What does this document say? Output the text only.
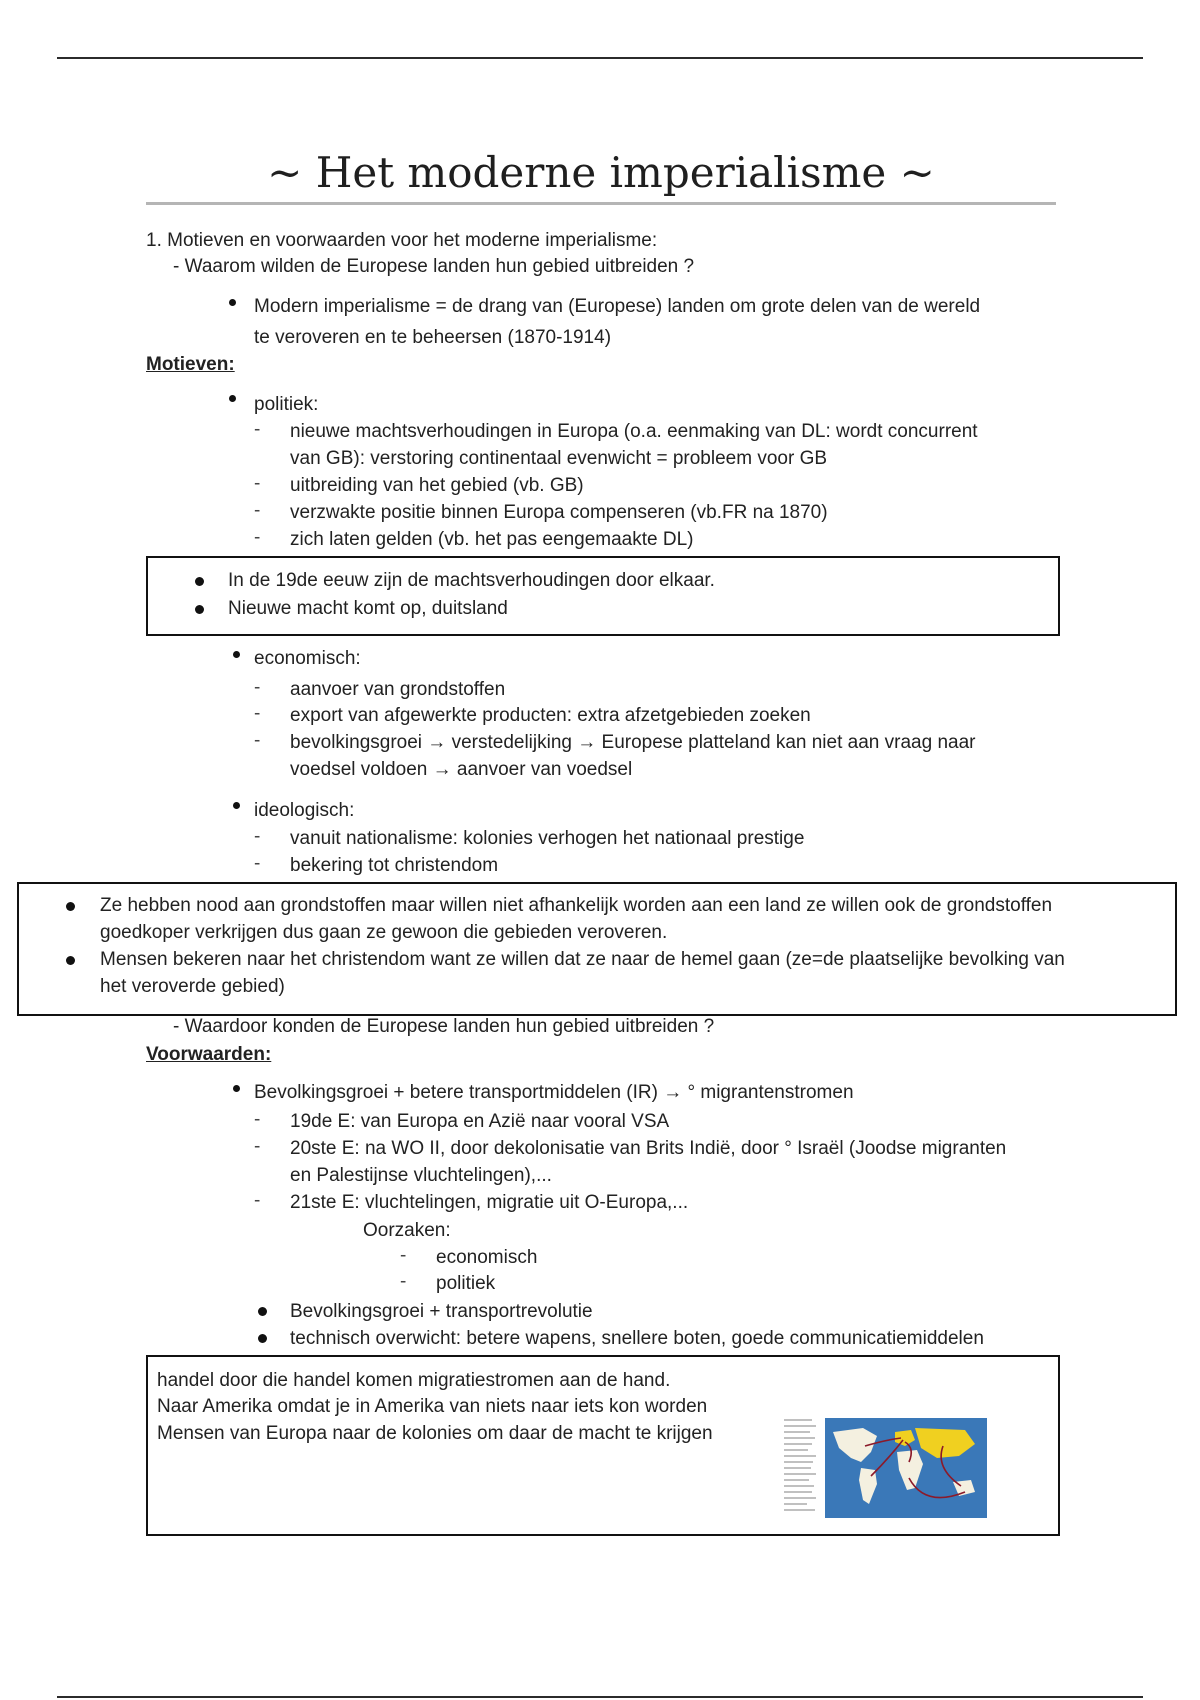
~ Het moderne imperialisme ~
1. Motieven en voorwaarden voor het moderne imperialisme:
- Waarom wilden de Europese landen hun gebied uitbreiden ?
Modern imperialisme = de drang van (Europese) landen om grote delen van de wereld
te veroveren en te beheersen (1870-1914)
Motieven:
politiek:
- nieuwe machtsverhoudingen in Europa (o.a. eenmaking van DL: wordt concurrent
van GB): verstoring continentaal evenwicht = probleem voor GB
- uitbreiding van het gebied (vb. GB)
- verzwakte positie binnen Europa compenseren (vb.FR na 1870)
- zich laten gelden (vb. het pas eengemaakte DL)
In de 19de eeuw zijn de machtsverhoudingen door elkaar.
Nieuwe macht komt op, duitsland
economisch:
- aanvoer van grondstoffen
- export van afgewerkte producten: extra afzetgebieden zoeken
- bevolkingsgroei → verstedelijking → Europese platteland kan niet aan vraag naar
voedsel voldoen → aanvoer van voedsel
ideologisch:
- vanuit nationalisme: kolonies verhogen het nationaal prestige
- bekering tot christendom
Ze hebben nood aan grondstoffen maar willen niet afhankelijk worden aan een land ze willen ook de grondstoffen
goedkoper verkrijgen dus gaan ze gewoon die gebieden veroveren.
Mensen bekeren naar het christendom want ze willen dat ze naar de hemel gaan (ze=de plaatselijke bevolking van
het veroverde gebied)
- Waardoor konden de Europese landen hun gebied uitbreiden ?
Voorwaarden:
Bevolkingsgroei + betere transportmiddelen (IR) → ° migrantenstromen
- 19de E: van Europa en Azië naar vooral VSA
- 20ste E: na WO II, door dekolonisatie van Brits Indië, door ° Israël (Joodse migranten
en Palestijnse vluchtelingen),...
- 21ste E: vluchtelingen, migratie uit O-Europa,...
Oorzaken:
- economisch
- politiek
Bevolkingsgroei + transportrevolutie
technisch overwicht: betere wapens, snellere boten, goede communicatiemiddelen
handel door die handel komen migratiestromen aan de hand.
Naar Amerika omdat je in Amerika van niets naar iets kon worden
Mensen van Europa naar de kolonies om daar de macht te krijgen
